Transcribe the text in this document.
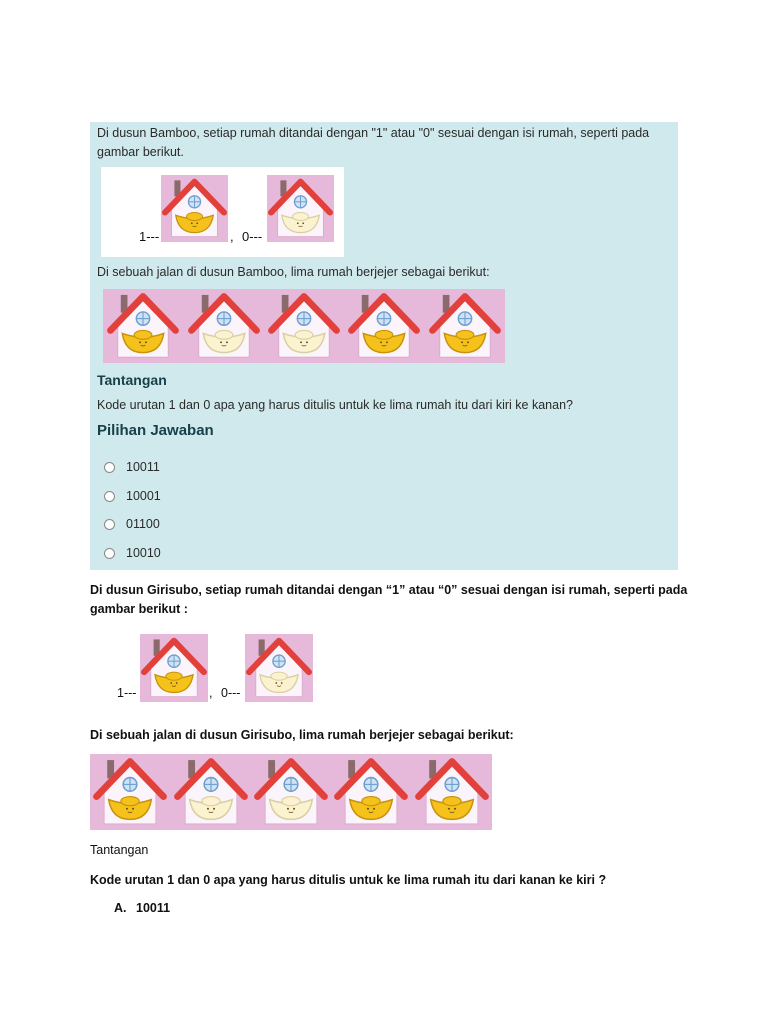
Di dusun Bamboo, setiap rumah ditandai dengan "1" atau "0" sesuai dengan isi rumah, seperti pada gambar berikut.

1---	, 0---

Di sebuah jalan di dusun Bamboo, lima rumah berjejer sebagai berikut:

Tantangan

Kode urutan 1 dan 0 apa yang harus ditulis untuk ke lima rumah itu dari kiri ke kanan?

Pilihan Jawaban
10011
10001
01100
10010

Di dusun Girisubo, setiap rumah ditandai dengan “1” atau “0” sesuai dengan isi rumah, seperti pada

gambar berikut :

1---	, 0---

Di sebuah jalan di dusun Girisubo, lima rumah berjejer sebagai berikut:

Tantangan

Kode urutan 1 dan 0 apa yang harus ditulis untuk ke lima rumah itu dari kanan ke kiri ?

A. 10011
